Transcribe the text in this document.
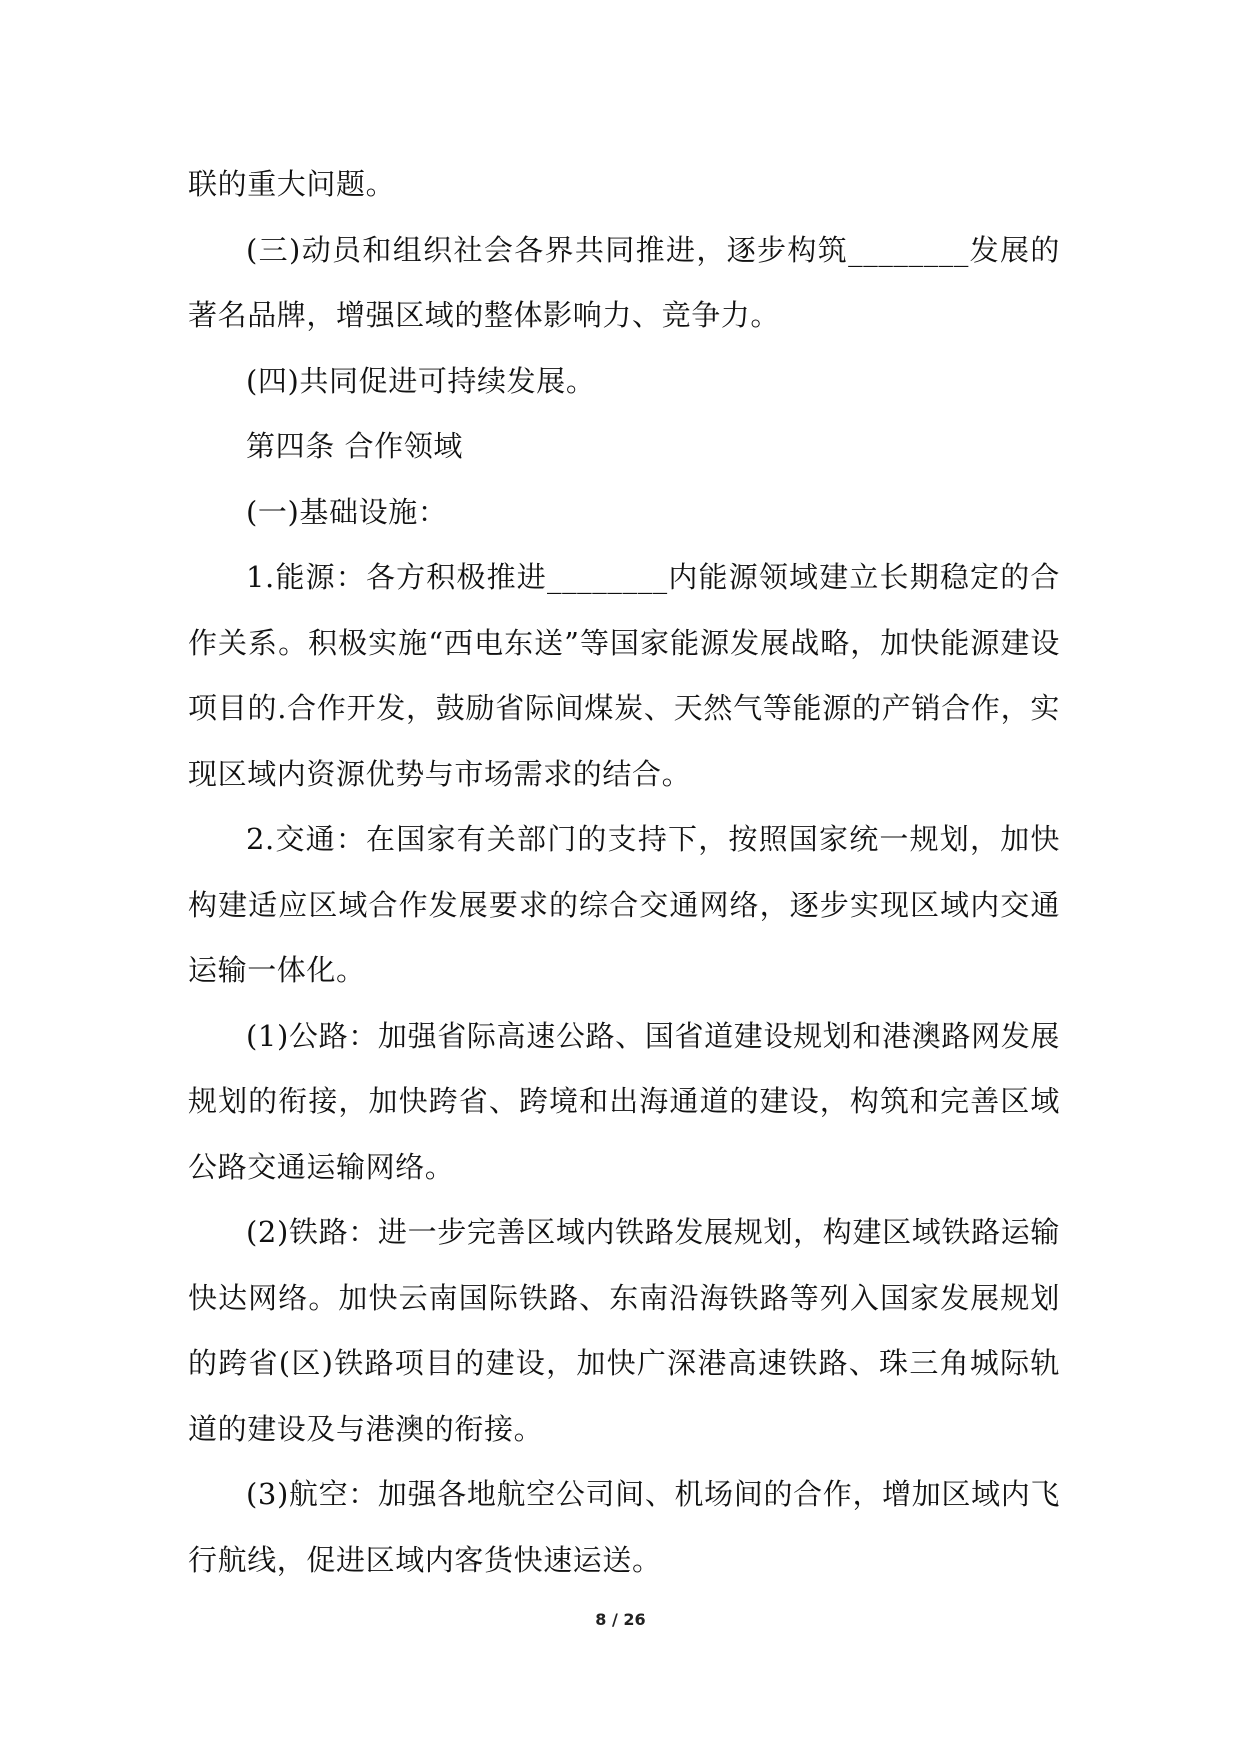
联的重大问题。

(三)动员和组织社会各界共同推进，逐步构筑________发展的著名品牌，增强区域的整体影响力、竞争力。

(四)共同促进可持续发展。

第四条 合作领域

(一)基础设施：

1.能源：各方积极推进________内能源领域建立长期稳定的合作关系。积极实施“西电东送”等国家能源发展战略，加快能源建设项目的.合作开发，鼓励省际间煤炭、天然气等能源的产销合作，实现区域内资源优势与市场需求的结合。

2.交通：在国家有关部门的支持下，按照国家统一规划，加快构建适应区域合作发展要求的综合交通网络，逐步实现区域内交通运输一体化。

(1)公路：加强省际高速公路、国省道建设规划和港澳路网发展规划的衔接，加快跨省、跨境和出海通道的建设，构筑和完善区域公路交通运输网络。

(2)铁路：进一步完善区域内铁路发展规划，构建区域铁路运输快达网络。加快云南国际铁路、东南沿海铁路等列入国家发展规划的跨省(区)铁路项目的建设，加快广深港高速铁路、珠三角城际轨道的建设及与港澳的衔接。

(3)航空：加强各地航空公司间、机场间的合作，增加区域内飞行航线，促进区域内客货快速运送。

8 / 26
